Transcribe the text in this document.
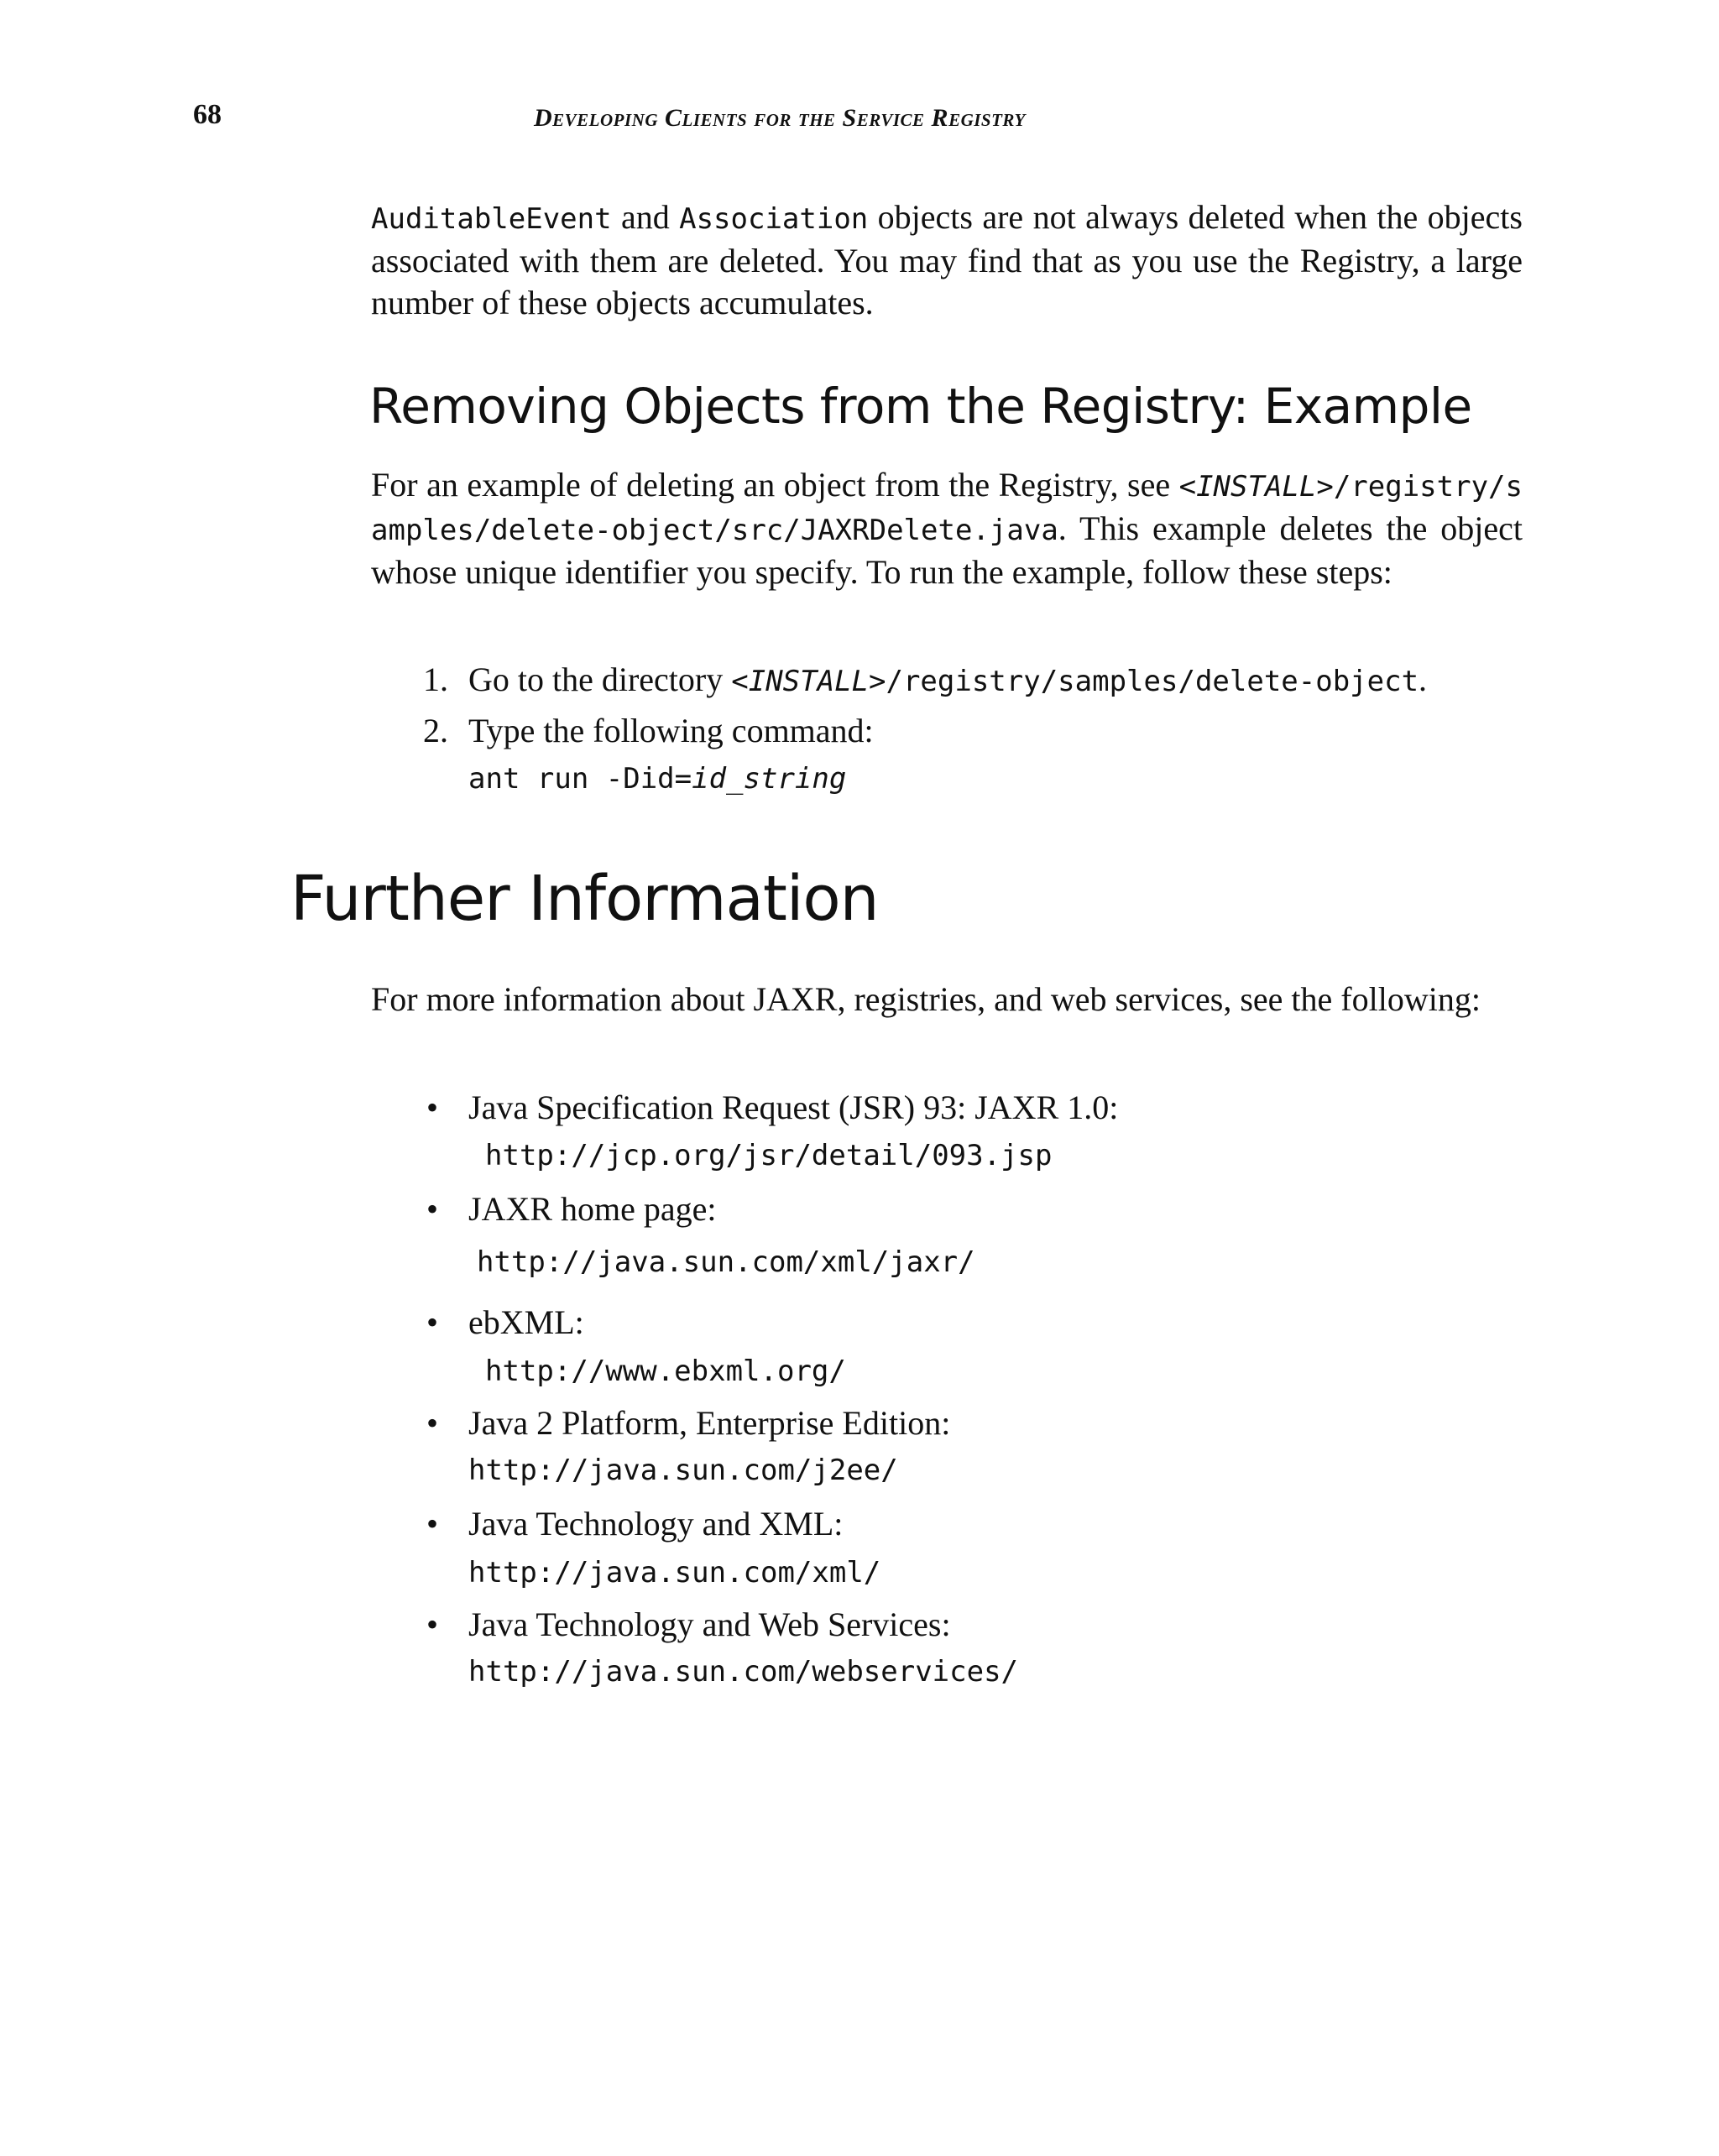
68	Developing Clients for the Service Registry
AuditableEvent and Association objects are not always deleted when the objects associated with them are deleted. You may find that as you use the Registry, a large number of these objects accumulates.
Removing Objects from the Registry: Example
For an example of deleting an object from the Registry, see <INSTALL>/registry/samples/delete-object/src/JAXRDelete.java. This example deletes the object whose unique identifier you specify. To run the example, follow these steps:
1. Go to the directory <INSTALL>/registry/samples/delete-object.
2. Type the following command:
ant run -Did=id_string
Further Information
For more information about JAXR, registries, and web services, see the following:
• Java Specification Request (JSR) 93: JAXR 1.0:
http://jcp.org/jsr/detail/093.jsp
• JAXR home page:
http://java.sun.com/xml/jaxr/
• ebXML:
http://www.ebxml.org/
• Java 2 Platform, Enterprise Edition:
http://java.sun.com/j2ee/
• Java Technology and XML:
http://java.sun.com/xml/
• Java Technology and Web Services:
http://java.sun.com/webservices/
